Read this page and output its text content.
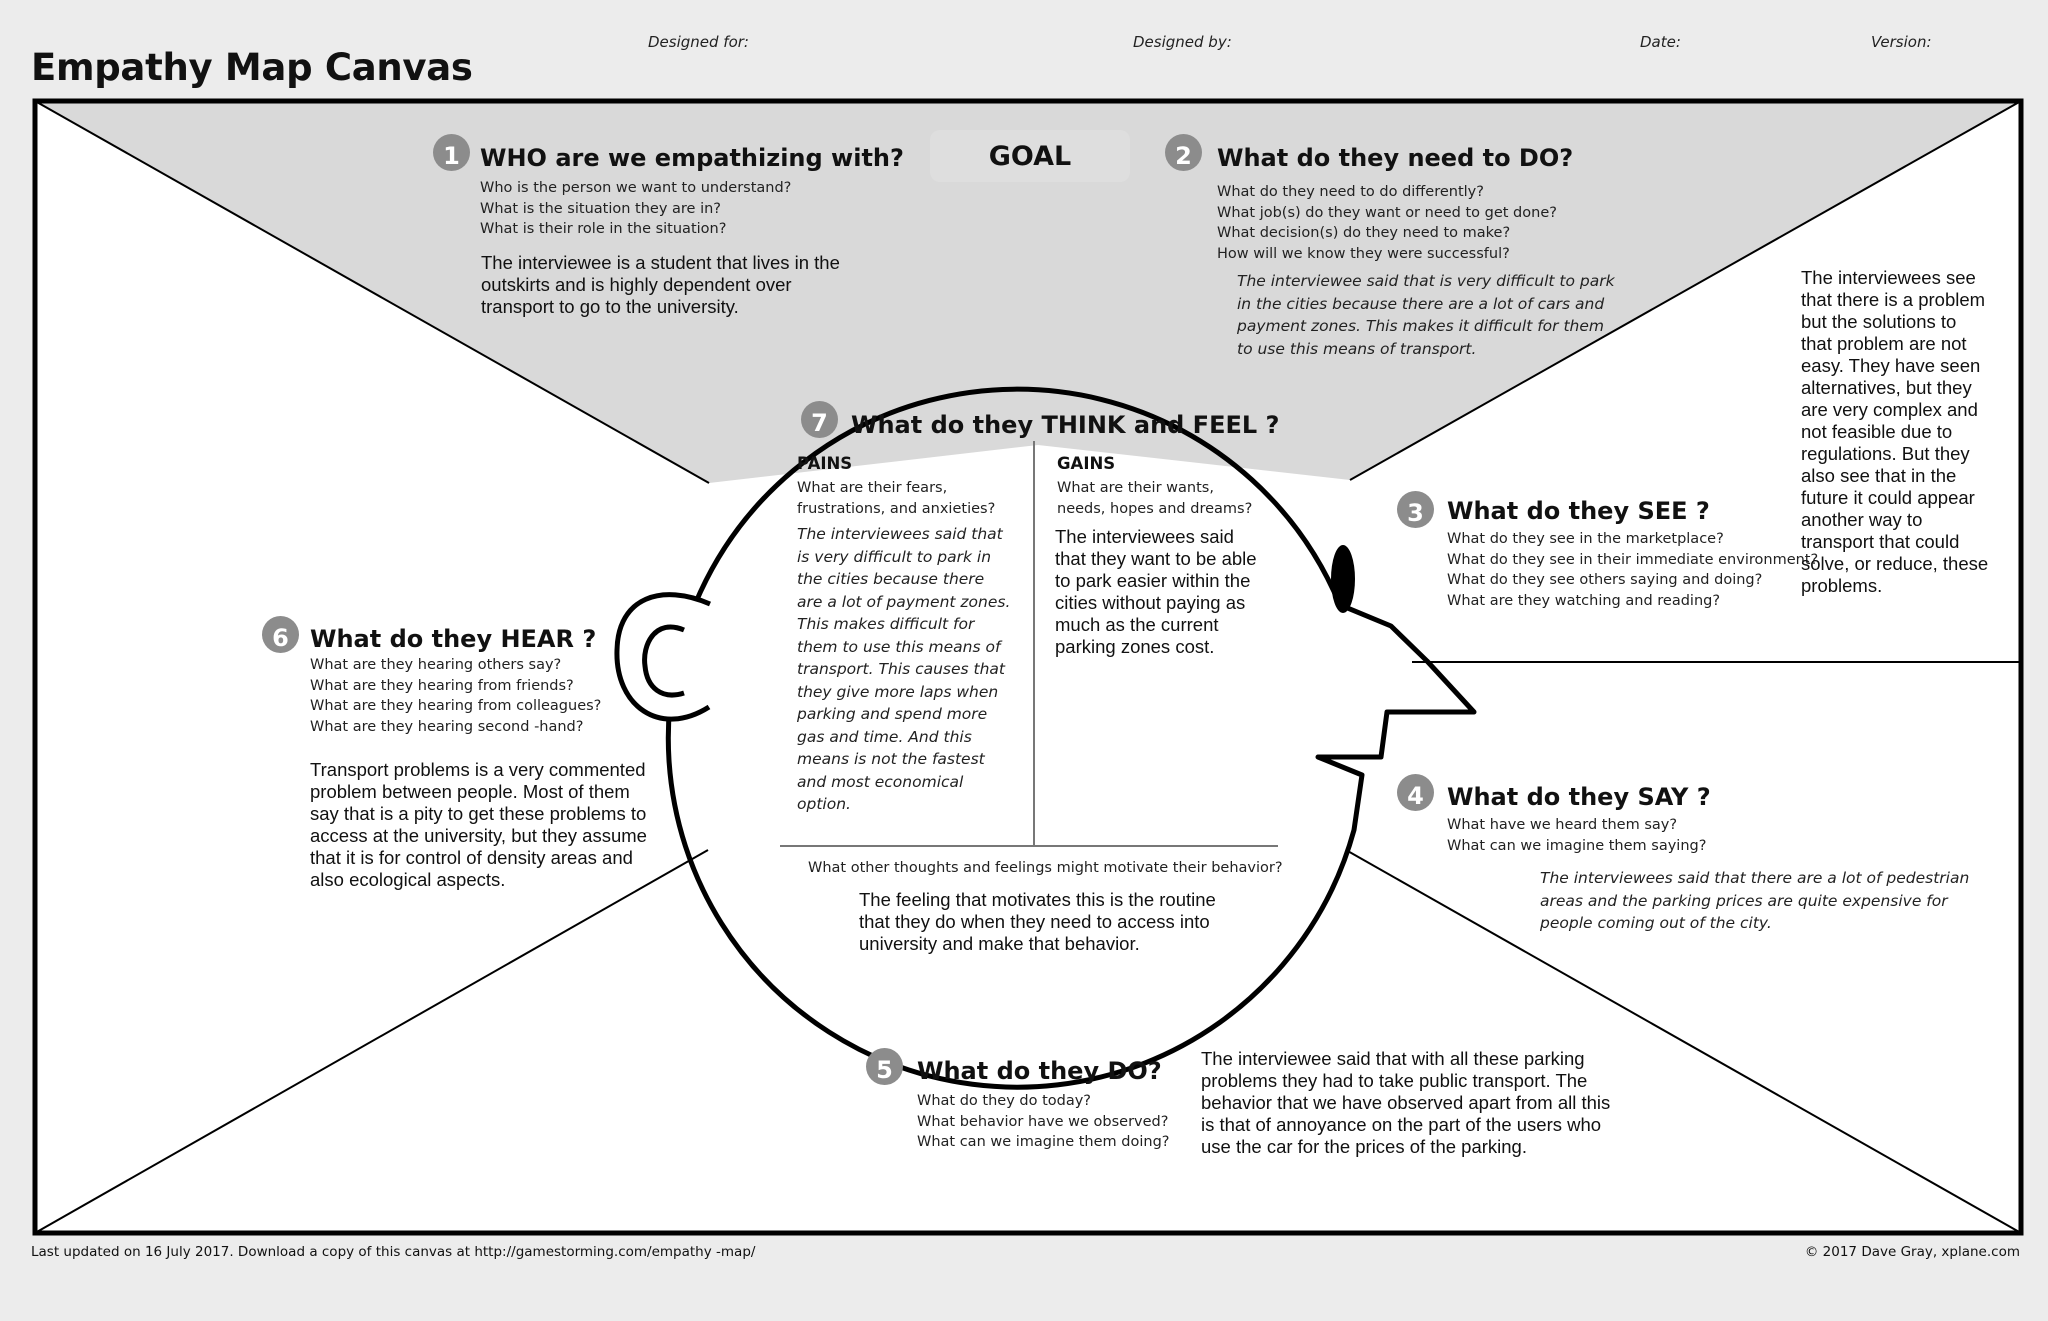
Empathy Map Canvas
Designed for:	Designed by:	Date:	Version:
GOAL
1 WHO are we empathizing with?
Who is the person we want to understand?
What is the situation they are in?
What is their role in the situation?
The interviewee is a student that lives in the outskirts and is highly dependent over transport to go to the university.
2	What do they need to DO?
What do they need to do differently?
What job(s) do they want or need to get done?
What decision(s) do they need to make?
How will we know they were successful?
The interviewee said that is very difficult to park in the cities because there are a lot of cars and payment zones. This makes it difficult for them to use this means of transport.
3 What do they SEE ?
What do they see in the marketplace?
What do they see in their immediate environment?
What do they see others saying and doing?
What are they watching and reading?
The interviewees see that there is a problem but the solutions to that problem are not easy. They have seen alternatives, but they are very complex and not feasible due to regulations. But they also see that in the future it could appear another way to transport that could solve, or reduce, these problems.
4 What do they SAY ?
What have we heard them say?
What can we imagine them saying?
The interviewees said that there are a lot of pedestrian areas and the parking prices are quite expensive for people coming out of the city.
5	What do they DO?
What do they do today?
What behavior have we observed?
What can we imagine them doing?
The interviewee said that with all these parking problems they had to take public transport. The behavior that we have observed apart from all this is that of annoyance on the part of the users who use the car for the prices of the parking.
6 What do they HEAR ?
What are they hearing others say?
What are they hearing from friends?
What are they hearing from colleagues?
What are they hearing second -hand?
Transport problems is a very commented problem between people. Most of them say that is a pity to get these problems to access at the university, but they assume that it is for control of density areas and also ecological aspects.
7 What do they THINK and FEEL ?
PAINS
What are their fears,
frustrations, and anxieties?
The interviewees said that is very difficult to park in the cities because there are a lot of payment zones. This makes difficult for them to use this means of transport. This causes that they give more laps when parking and spend more gas and time. And this means is not the fastest and most economical option.
GAINS
What are their wants,
needs, hopes and dreams?
The interviewees said that they want to be able to park easier within the cities without paying as much as the current parking zones cost.
What other thoughts and feelings might motivate their behavior?
The feeling that motivates this is the routine that they do when they need to access into university and make that behavior.
Last updated on 16 July 2017. Download a copy of this canvas at http://gamestorming.com/empathy -map/	© 2017 Dave Gray, xplane.com
